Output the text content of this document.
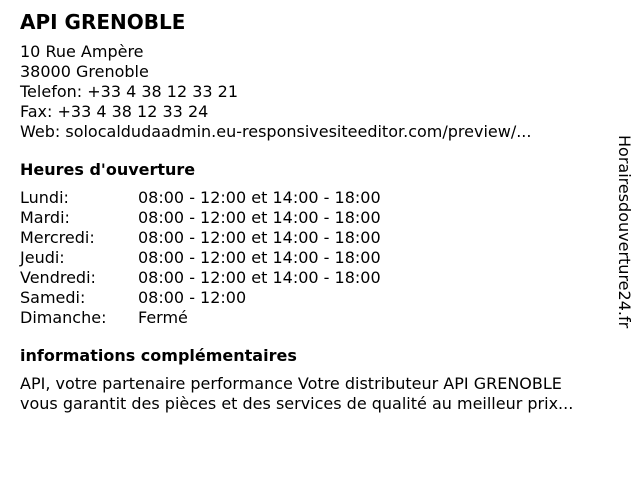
API GRENOBLE
10 Rue Ampère
38000 Grenoble
Telefon: +33 4 38 12 33 21
Fax: +33 4 38 12 33 24
Web: solocaldudaadmin.eu-responsivesiteeditor.com/preview/...
Heures d'ouverture
Lundi:	08:00 - 12:00 et 14:00 - 18:00
Mardi:	08:00 - 12:00 et 14:00 - 18:00
Mercredi:	08:00 - 12:00 et 14:00 - 18:00
Jeudi:	08:00 - 12:00 et 14:00 - 18:00
Vendredi:	08:00 - 12:00 et 14:00 - 18:00
Samedi:	08:00 - 12:00
Dimanche:	Fermé
informations complémentaires
API, votre partenaire performance Votre distributeur API GRENOBLE
vous garantit des pièces et des services de qualité au meilleur prix...
Horairesdouverture24.fr
